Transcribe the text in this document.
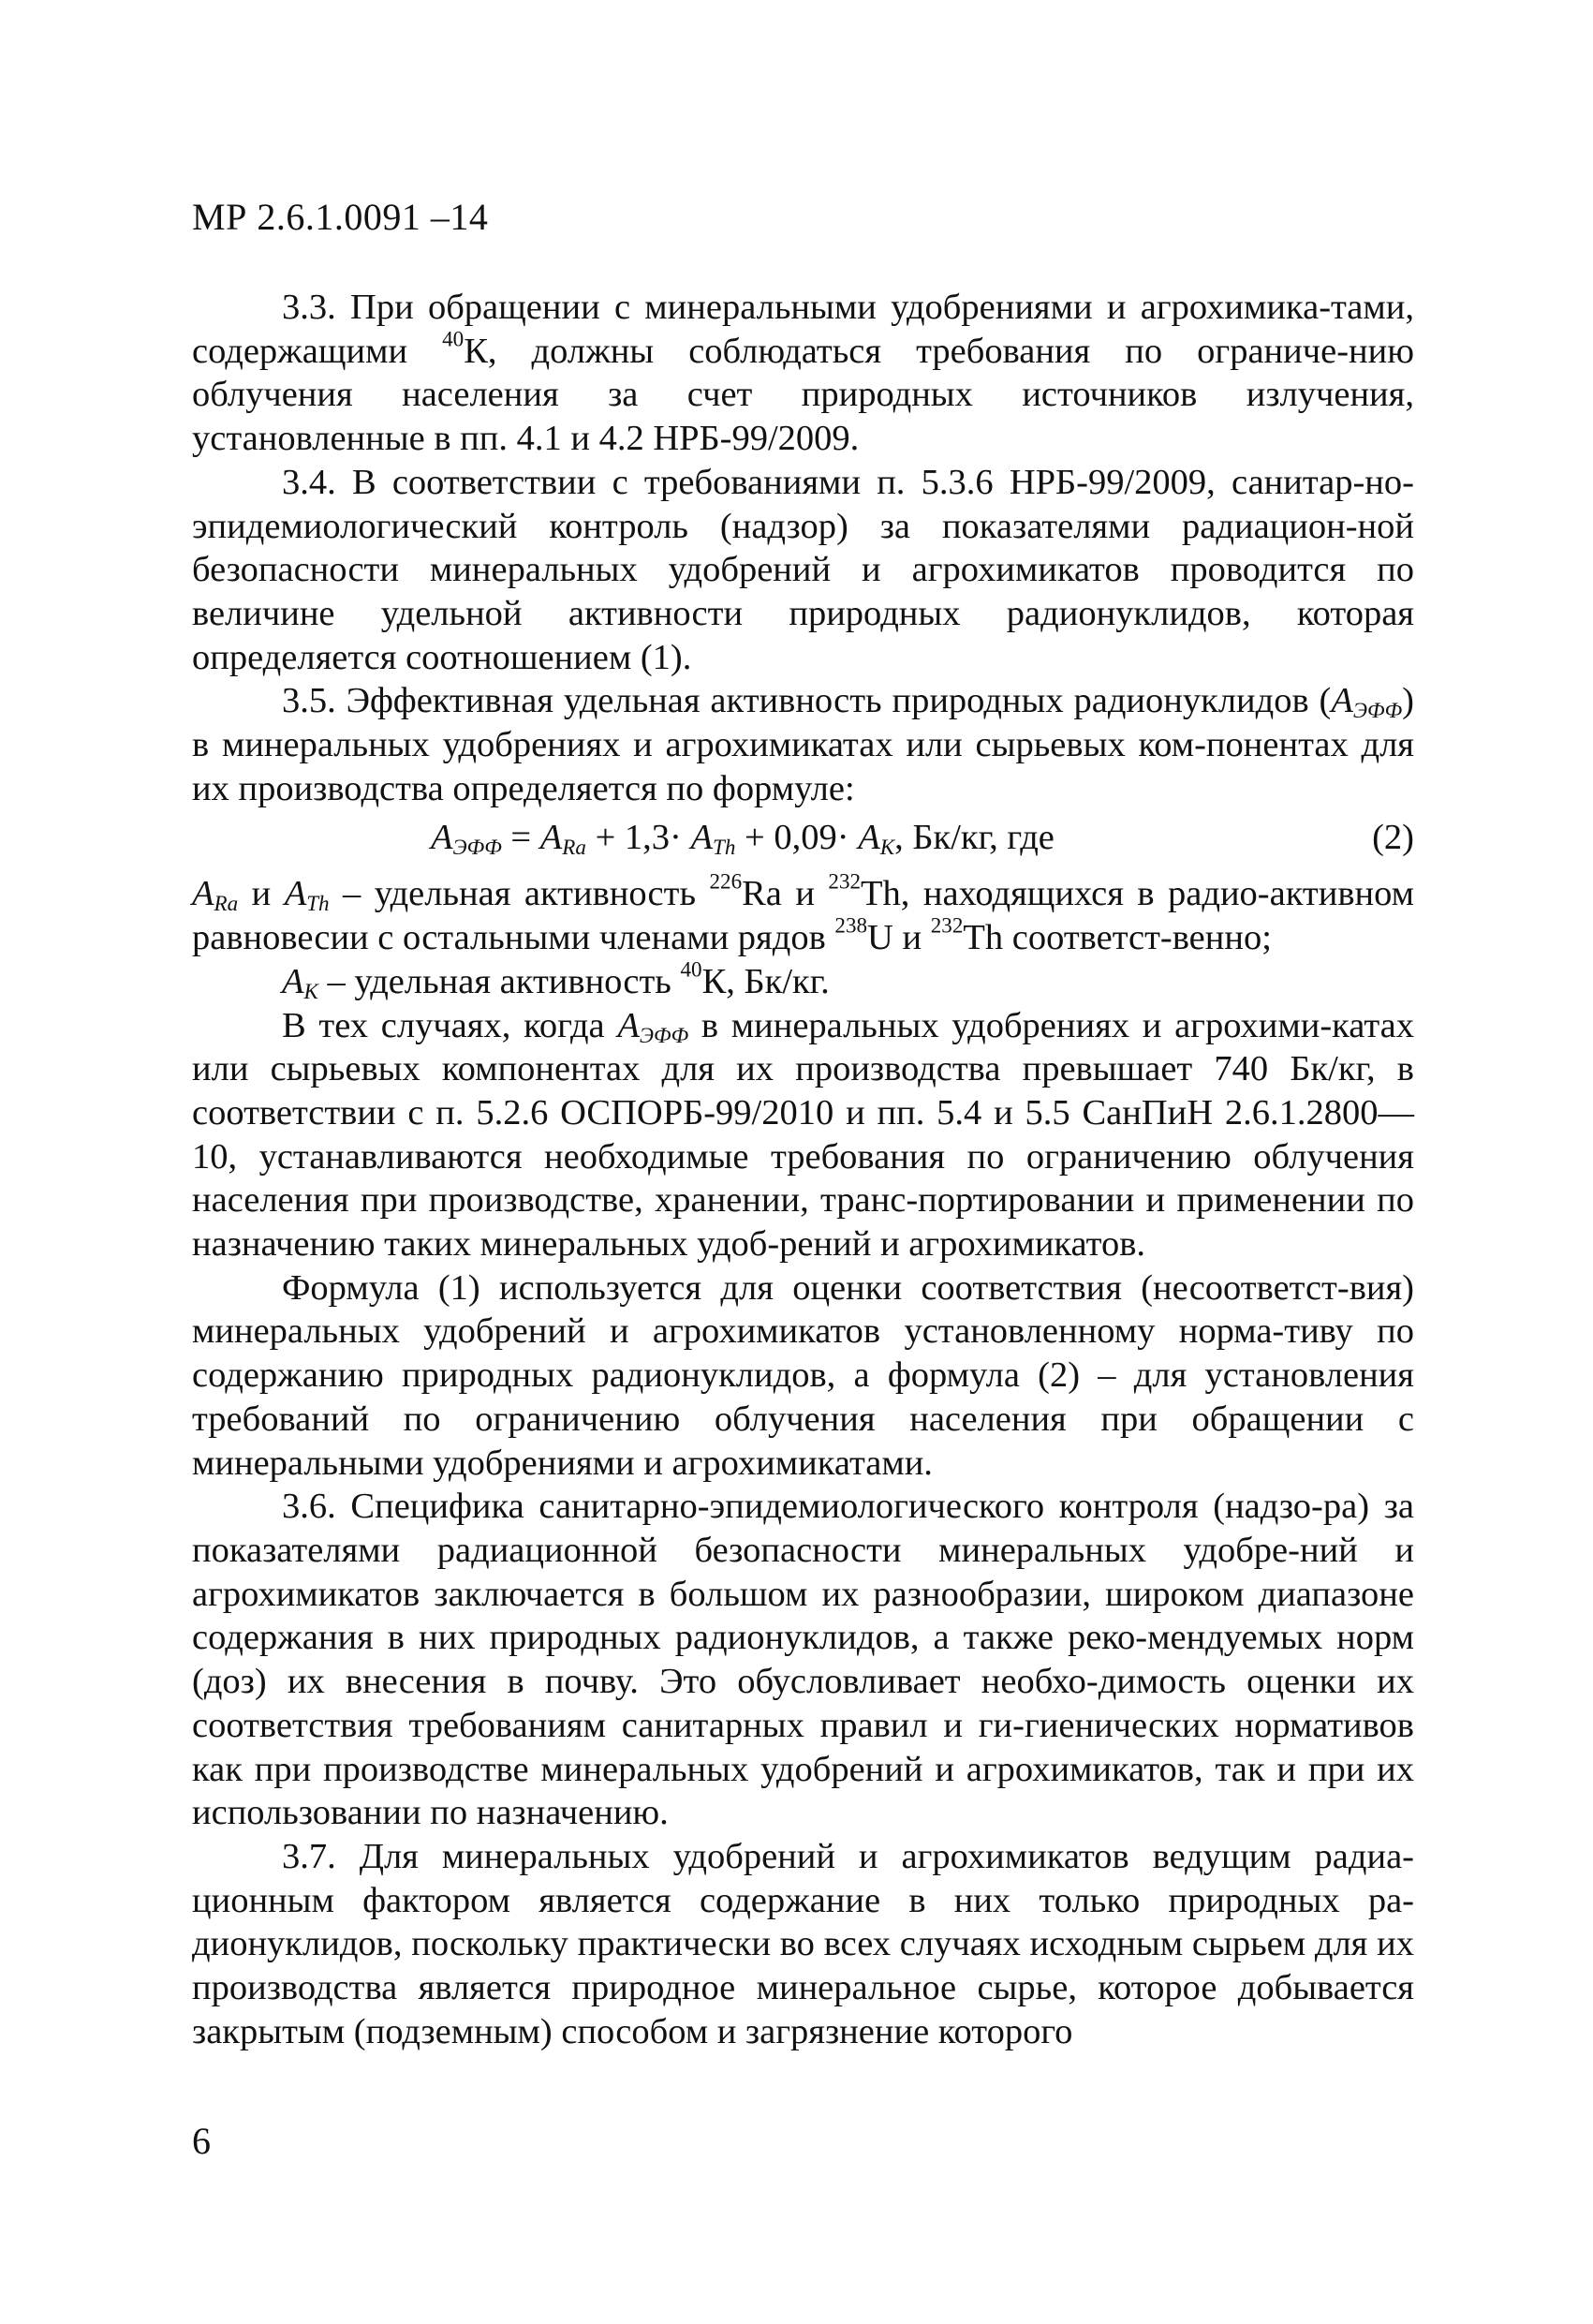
МР 2.6.1.0091 –14

3.3. При обращении с минеральными удобрениями и агрохимика-тами, содержащими $^{40}$К, должны соблюдаться требования по ограниче-нию облучения населения за счет природных источников излучения, установленные в пп. 4.1 и 4.2 НРБ-99/2009.

3.4. В соответствии с требованиями п. 5.3.6 НРБ-99/2009, санитар-но-эпидемиологический контроль (надзор) за показателями радиацион-ной безопасности минеральных удобрений и агрохимикатов проводится по величине удельной активности природных радионуклидов, которая определяется соотношением (1).

3.5. Эффективная удельная активность природных радионуклидов $(А_{ЭФФ})$ в минеральных удобрениях и агрохимикатах или сырьевых ком-понентах для их производства определяется по формуле:

$А_{ЭФФ} = А_{Ra} + 1,3\cdot А_{Th} + 0,09\cdot А_K$, Бк/кг, где	(2)

$А_{Ra}$ и $А_{Th}$ – удельная активность $^{226}$Ra и $^{232}$Th, находящихся в радио-активном равновесии с остальными членами рядов $^{238}$U и $^{232}$Th соответст-венно;

$А_К$ – удельная активность $^{40}$К, Бк/кг.

В тех случаях, когда $А_{ЭФФ}$ в минеральных удобрениях и агрохими-катах или сырьевых компонентах для их производства превышает 740 Бк/кг, в соответствии с п. 5.2.6 ОСПОРБ-99/2010 и пп. 5.4 и 5.5 СанПиН 2.6.1.2800—10, устанавливаются необходимые требования по ограничению облучения населения при производстве, хранении, транс-портировании и применении по назначению таких минеральных удоб-рений и агрохимикатов.

Формула (1) используется для оценки соответствия (несоответст-вия) минеральных удобрений и агрохимикатов установленному норма-тиву по содержанию природных радионуклидов, а формула (2) – для установления требований по ограничению облучения населения при обращении с минеральными удобрениями и агрохимикатами.

3.6. Специфика санитарно-эпидемиологического контроля (надзо-ра) за показателями радиационной безопасности минеральных удобре-ний и агрохимикатов заключается в большом их разнообразии, широком диапазоне содержания в них природных радионуклидов, а также реко-мендуемых норм (доз) их внесения в почву. Это обусловливает необхо-димость оценки их соответствия требованиям санитарных правил и ги-гиенических нормативов как при производстве минеральных удобрений и агрохимикатов, так и при их использовании по назначению.

3.7. Для минеральных удобрений и агрохимикатов ведущим радиа-ционным фактором является содержание в них только природных ра-дионуклидов, поскольку практически во всех случаях исходным сырьем для их производства является природное минеральное сырье, которое добывается закрытым (подземным) способом и загрязнение которого

6
